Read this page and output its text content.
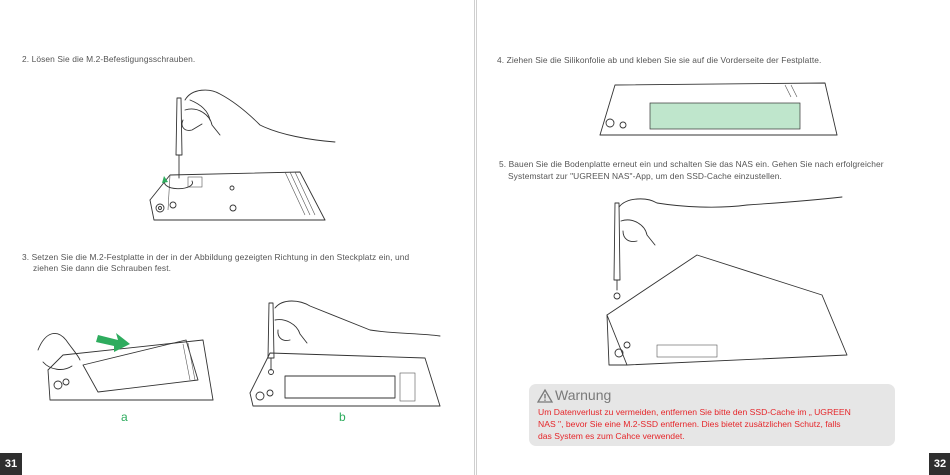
2. Lösen Sie die M.2-Befestigungsschrauben.
3. Setzen Sie die M.2-Festplatte in der in der Abbildung gezeigten Richtung in den Steckplatz ein, und
ziehen Sie dann die Schrauben fest.
a	b
31
4. Ziehen Sie die Silikonfolie ab und kleben Sie sie auf die Vorderseite der Festplatte.
5. Bauen Sie die Bodenplatte erneut ein und schalten Sie das NAS ein. Gehen Sie nach erfolgreicher
Systemstart zur "UGREEN NAS"-App, um den SSD-Cache einzustellen.
32
Warnung
Um Datenverlust zu vermeiden, entfernen Sie bitte den SSD-Cache im „ UGREEN
NAS ", bevor Sie eine M.2-SSD entfernen. Dies bietet zusätzlichen Schutz, falls
das System es zum Cahce verwendet.
